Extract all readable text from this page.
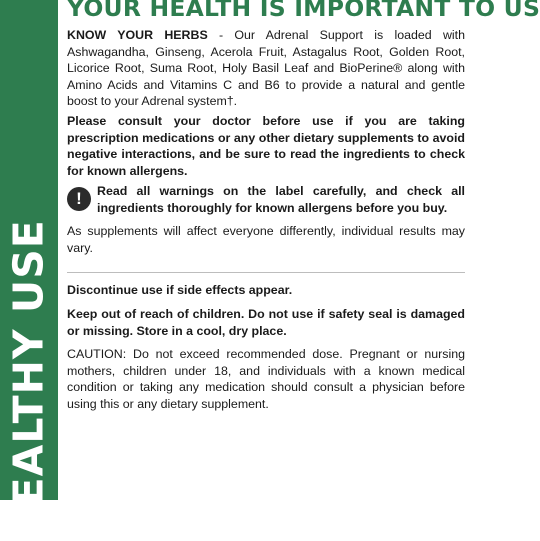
HEALTHY USE
YOUR HEALTH IS IMPORTANT TO US

KNOW YOUR HERBS - Our Adrenal Support is loaded with Ashwagandha, Ginseng, Acerola Fruit, Astagalus Root, Golden Root, Licorice Root, Suma Root, Holy Basil Leaf and BioPerine® along with Amino Acids and Vitamins C and B6 to provide a natural and gentle boost to your Adrenal system†.

Please consult your doctor before use if you are taking prescription medications or any other dietary supplements to avoid negative interactions, and be sure to read the ingredients to check for known allergens.

!	Read all warnings on the label carefully, and check all ingredients thoroughly for known allergens before you buy.

As supplements will affect everyone differently, individual results may vary.

Discontinue use if side effects appear.

Keep out of reach of children. Do not use if safety seal is damaged or missing. Store in a cool, dry place.

CAUTION: Do not exceed recommended dose. Pregnant or nursing mothers, children under 18, and individuals with a known medical condition or taking any medication should consult a physician before using this or any dietary supplement.
